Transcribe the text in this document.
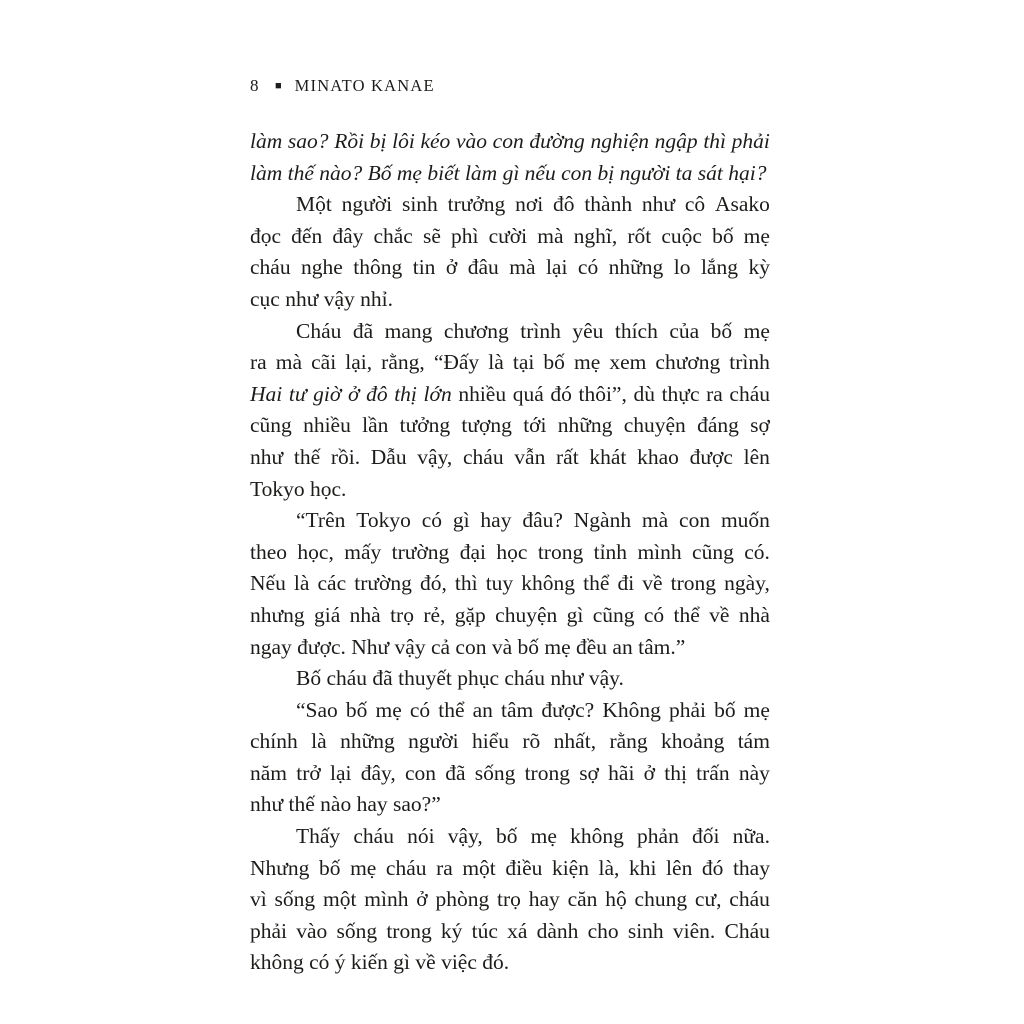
8 ■ MINATO KANAE
làm sao? Rồi bị lôi kéo vào con đường nghiện ngập thì phải
làm thế nào? Bố mẹ biết làm gì nếu con bị người ta sát hại?
Một người sinh trưởng nơi đô thành như cô Asako
đọc đến đây chắc sẽ phì cười mà nghĩ, rốt cuộc bố mẹ
cháu nghe thông tin ở đâu mà lại có những lo lắng kỳ
cục như vậy nhỉ.
Cháu đã mang chương trình yêu thích của bố mẹ
ra mà cãi lại, rằng, “Đấy là tại bố mẹ xem chương trình
Hai tư giờ ở đô thị lớn nhiều quá đó thôi”, dù thực ra cháu
cũng nhiều lần tưởng tượng tới những chuyện đáng sợ
như thế rồi. Dẫu vậy, cháu vẫn rất khát khao được lên
Tokyo học.
“Trên Tokyo có gì hay đâu? Ngành mà con muốn
theo học, mấy trường đại học trong tỉnh mình cũng có.
Nếu là các trường đó, thì tuy không thể đi về trong ngày,
nhưng giá nhà trọ rẻ, gặp chuyện gì cũng có thể về nhà
ngay được. Như vậy cả con và bố mẹ đều an tâm.”
Bố cháu đã thuyết phục cháu như vậy.
“Sao bố mẹ có thể an tâm được? Không phải bố mẹ
chính là những người hiểu rõ nhất, rằng khoảng tám
năm trở lại đây, con đã sống trong sợ hãi ở thị trấn này
như thế nào hay sao?”
Thấy cháu nói vậy, bố mẹ không phản đối nữa.
Nhưng bố mẹ cháu ra một điều kiện là, khi lên đó thay
vì sống một mình ở phòng trọ hay căn hộ chung cư, cháu
phải vào sống trong ký túc xá dành cho sinh viên. Cháu
không có ý kiến gì về việc đó.
